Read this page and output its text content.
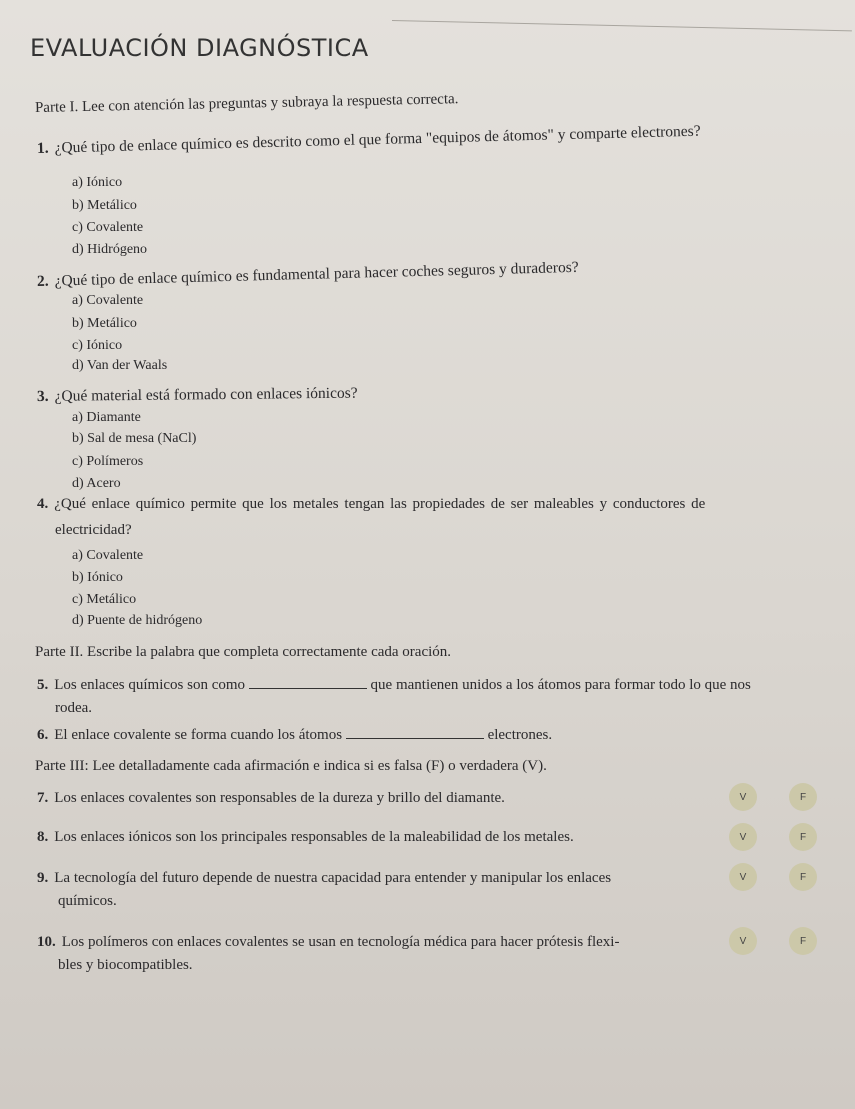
EVALUACIÓN DIAGNÓSTICA
Parte I. Lee con atención las preguntas y subraya la respuesta correcta.
1. ¿Qué tipo de enlace químico es descrito como el que forma "equipos de átomos" y comparte electrones?
a) Iónico
b) Metálico
c) Covalente
d) Hidrógeno
2. ¿Qué tipo de enlace químico es fundamental para hacer coches seguros y duraderos?
a) Covalente
b) Metálico
c) Iónico
d) Van der Waals
3. ¿Qué material está formado con enlaces iónicos?
a) Diamante
b) Sal de mesa (NaCl)
c) Polímeros
d) Acero
4. ¿Qué enlace químico permite que los metales tengan las propiedades de ser maleables y conductores de
electricidad?
a) Covalente
b) Iónico
c) Metálico
d) Puente de hidrógeno
Parte II. Escribe la palabra que completa correctamente cada oración.
5. Los enlaces químicos son como	que mantienen unidos a los átomos para formar todo lo que nos
rodea.
6. El enlace covalente se forma cuando los átomos	electrones.
Parte III: Lee detalladamente cada afirmación e indica si es falsa (F) o verdadera (V).
7. Los enlaces covalentes son responsables de la dureza y brillo del diamante.	V	F
8. Los enlaces iónicos son los principales responsables de la maleabilidad de los metales.	V	F
9. La tecnología del futuro depende de nuestra capacidad para entender y manipular los enlaces
químicos.
V	F
10. Los polímeros con enlaces covalentes se usan en tecnología médica para hacer prótesis flexi-
bles y biocompatibles.
V	F
